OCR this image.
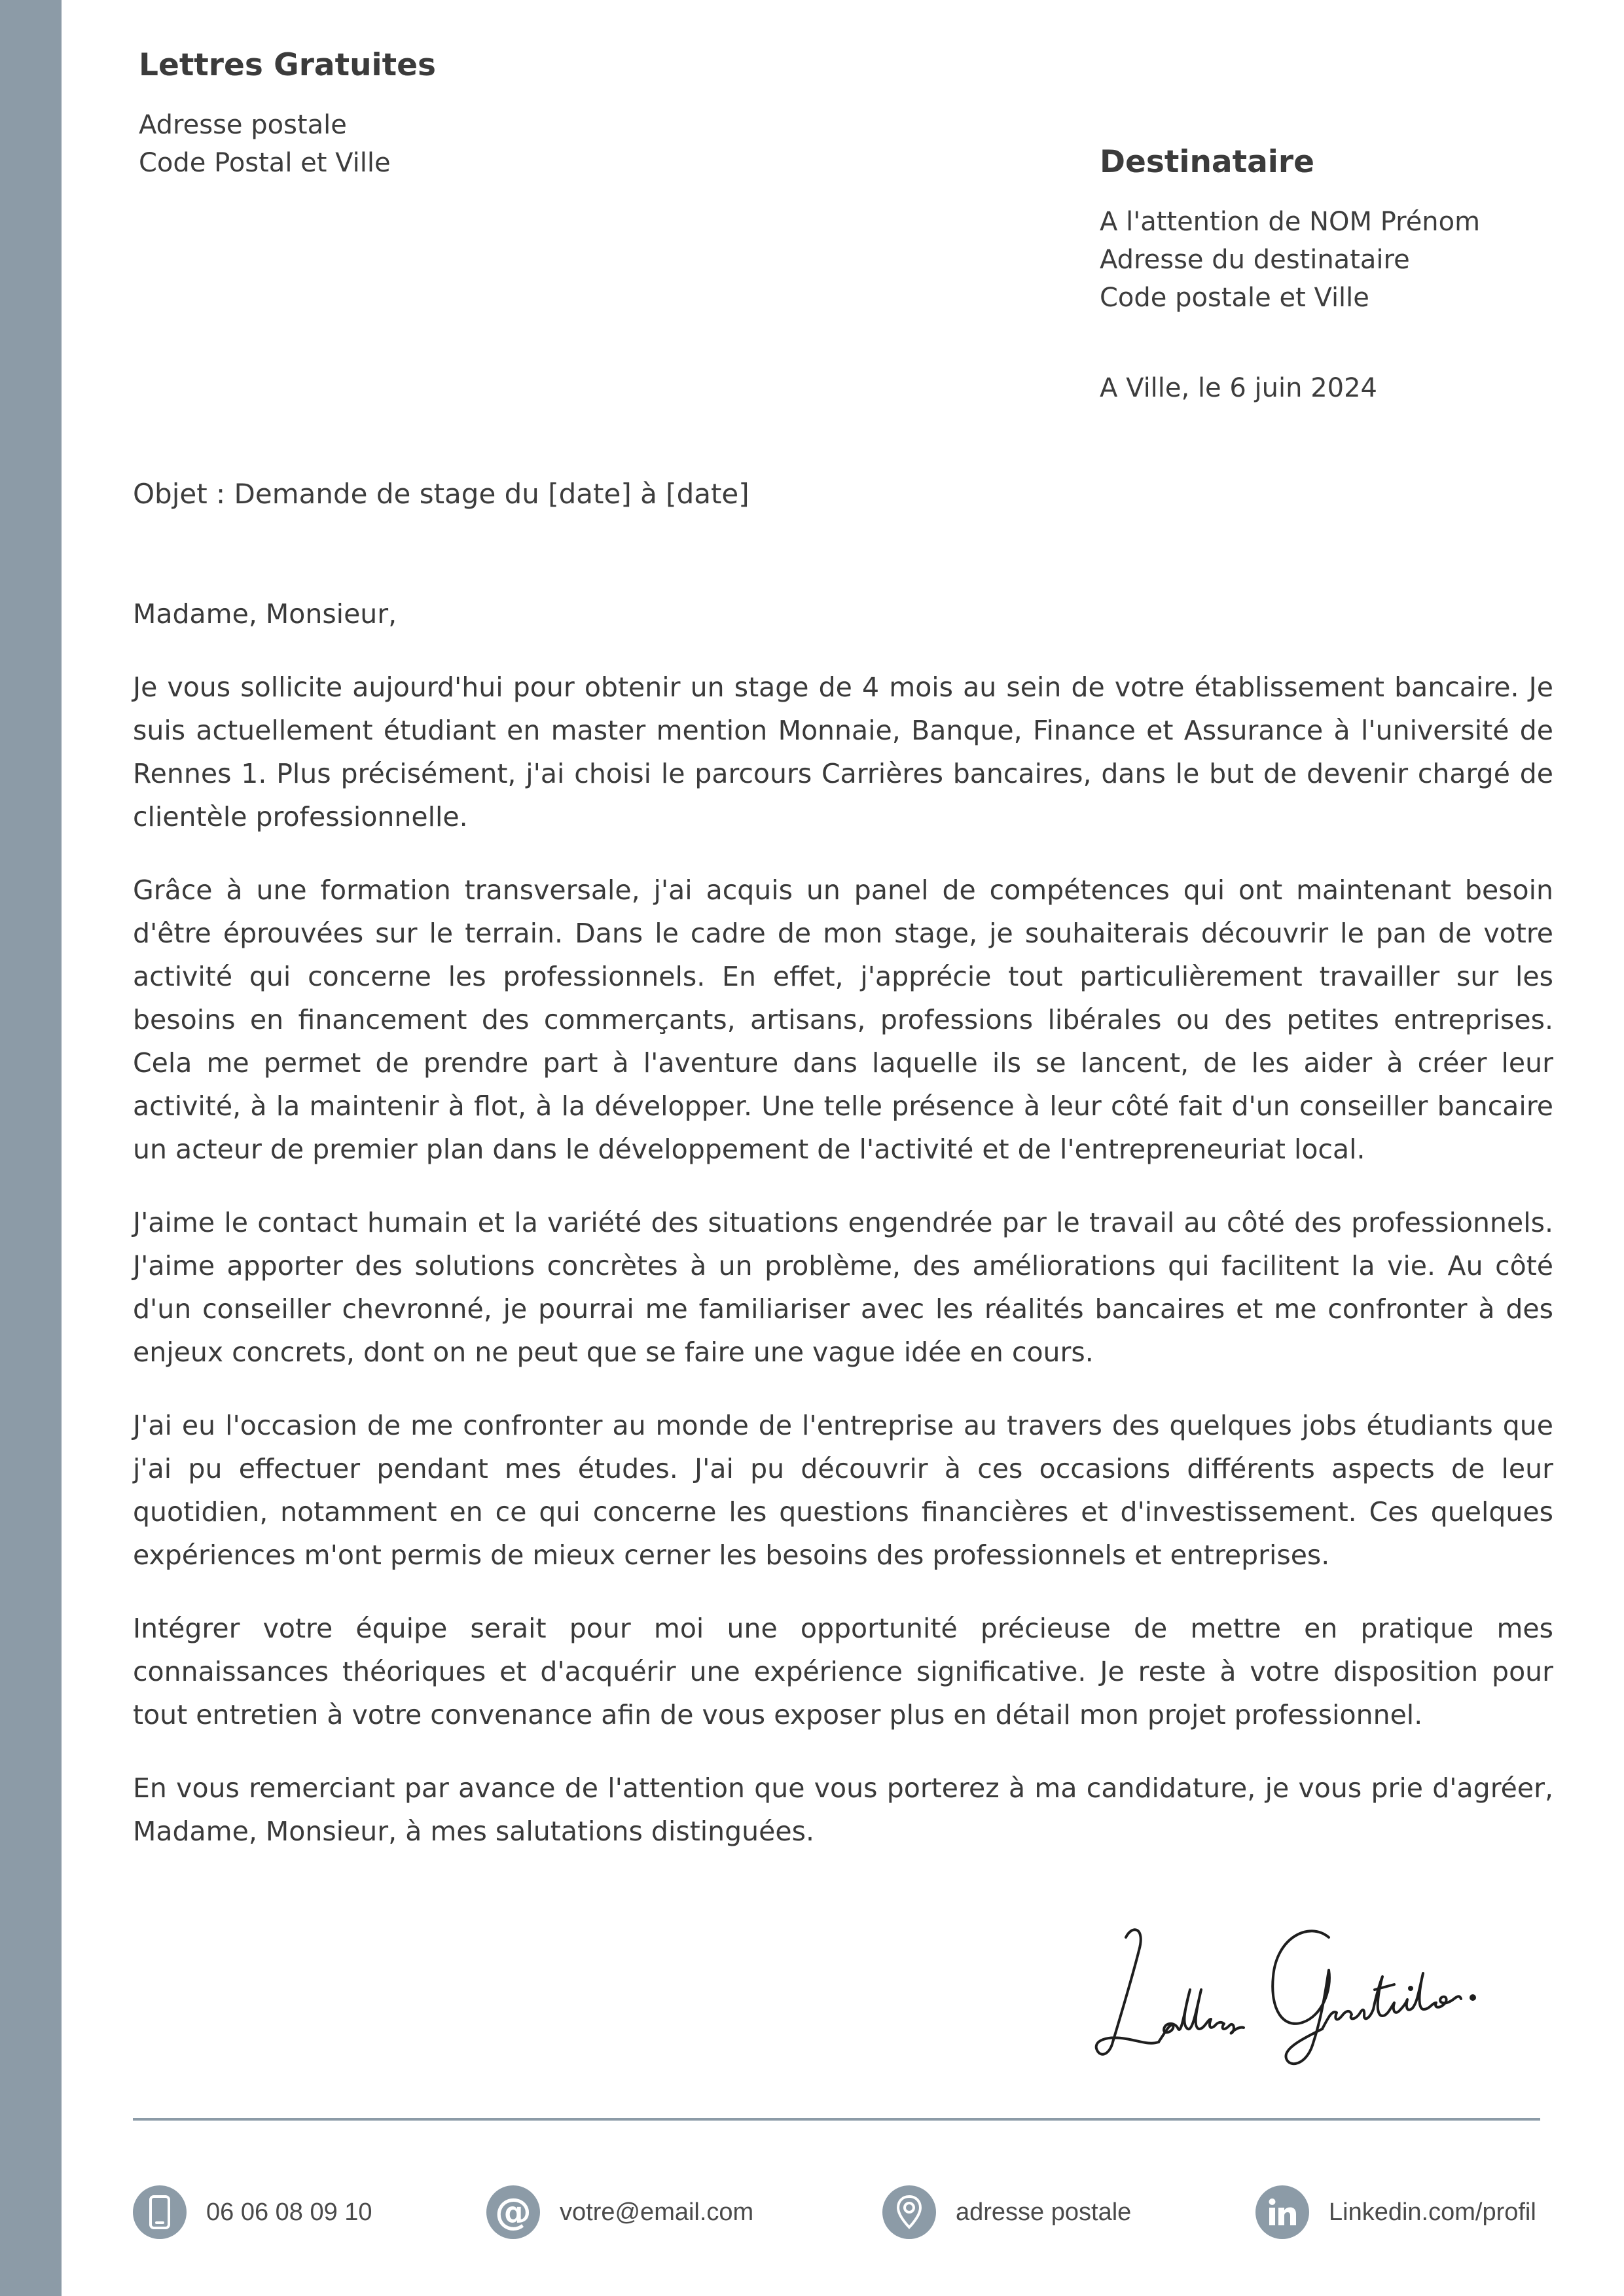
Lettres Gratuites
Adresse postale
Code Postal et Ville	Destinataire
A l'attention de NOM Prénom
Adresse du destinataire
Code postale et Ville
A Ville, le 6 juin 2024
Objet : Demande de stage du [date] à [date]
Madame, Monsieur,

Je vous sollicite aujourd'hui pour obtenir un stage de 4 mois au sein de votre établissement bancaire. Je suis actuellement étudiant en master mention Monnaie, Banque, Finance et Assurance à l'université de Rennes 1. Plus précisément, j'ai choisi le parcours Carrières bancaires, dans le but de devenir chargé de clientèle professionnelle.

Grâce à une formation transversale, j'ai acquis un panel de compétences qui ont maintenant besoin d'être éprouvées sur le terrain. Dans le cadre de mon stage, je souhaiterais découvrir le pan de votre activité qui concerne les professionnels. En effet, j'apprécie tout particulièrement travailler sur les besoins en financement des commerçants, artisans, professions libérales ou des petites entreprises. Cela me permet de prendre part à l'aventure dans laquelle ils se lancent, de les aider à créer leur activité, à la maintenir à flot, à la développer. Une telle présence à leur côté fait d'un conseiller bancaire un acteur de premier plan dans le développement de l'activité et de l'entrepreneuriat local.

J'aime le contact humain et la variété des situations engendrée par le travail au côté des professionnels. J'aime apporter des solutions concrètes à un problème, des améliorations qui facilitent la vie. Au côté d'un conseiller chevronné, je pourrai me familiariser avec les réalités bancaires et me confronter à des enjeux concrets, dont on ne peut que se faire une vague idée en cours.

J'ai eu l'occasion de me confronter au monde de l'entreprise au travers des quelques jobs étudiants que j'ai pu effectuer pendant mes études. J'ai pu découvrir à ces occasions différents aspects de leur quotidien, notamment en ce qui concerne les questions financières et d'investissement. Ces quelques expériences m'ont permis de mieux cerner les besoins des professionnels et entreprises.

Intégrer votre équipe serait pour moi une opportunité précieuse de mettre en pratique mes connaissances théoriques et d'acquérir une expérience significative. Je reste à votre disposition pour tout entretien à votre convenance afin de vous exposer plus en détail mon projet professionnel.

En vous remerciant par avance de l'attention que vous porterez à ma candidature, je vous prie d'agréer, Madame, Monsieur, à mes salutations distinguées.

06 06 08 09 10	@ votre@email.com	adresse postale	Linkedin.com/profil
